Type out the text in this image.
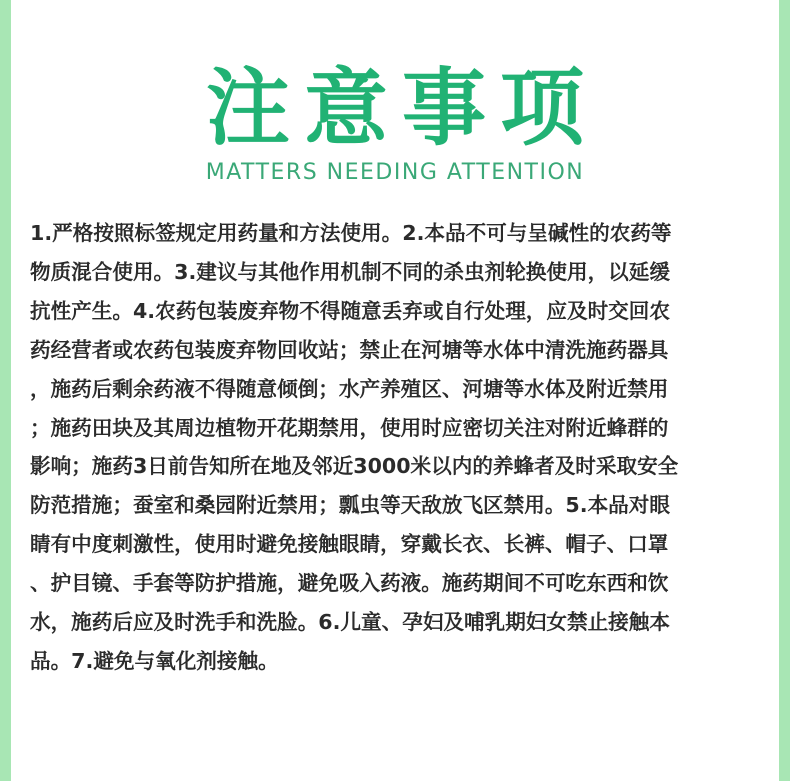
注意事项
MATTERS NEEDING ATTENTION
1.严格按照标签规定用药量和方法使用。2.本品不可与呈碱性的农药等
物质混合使用。3.建议与其他作用机制不同的杀虫剂轮换使用，以延缓
抗性产生。4.农药包装废弃物不得随意丢弃或自行处理，应及时交回农
药经营者或农药包装废弃物回收站；禁止在河塘等水体中清洗施药器具
，施药后剩余药液不得随意倾倒；水产养殖区、河塘等水体及附近禁用
；施药田块及其周边植物开花期禁用，使用时应密切关注对附近蜂群的
影响；施药3日前告知所在地及邻近3000米以内的养蜂者及时采取安全
防范措施；蚕室和桑园附近禁用；瓢虫等天敌放飞区禁用。5.本品对眼
睛有中度刺激性，使用时避免接触眼睛，穿戴长衣、长裤、帽子、口罩
、护目镜、手套等防护措施，避免吸入药液。施药期间不可吃东西和饮
水，施药后应及时洗手和洗脸。6.儿童、孕妇及哺乳期妇女禁止接触本
品。7.避免与氧化剂接触。
